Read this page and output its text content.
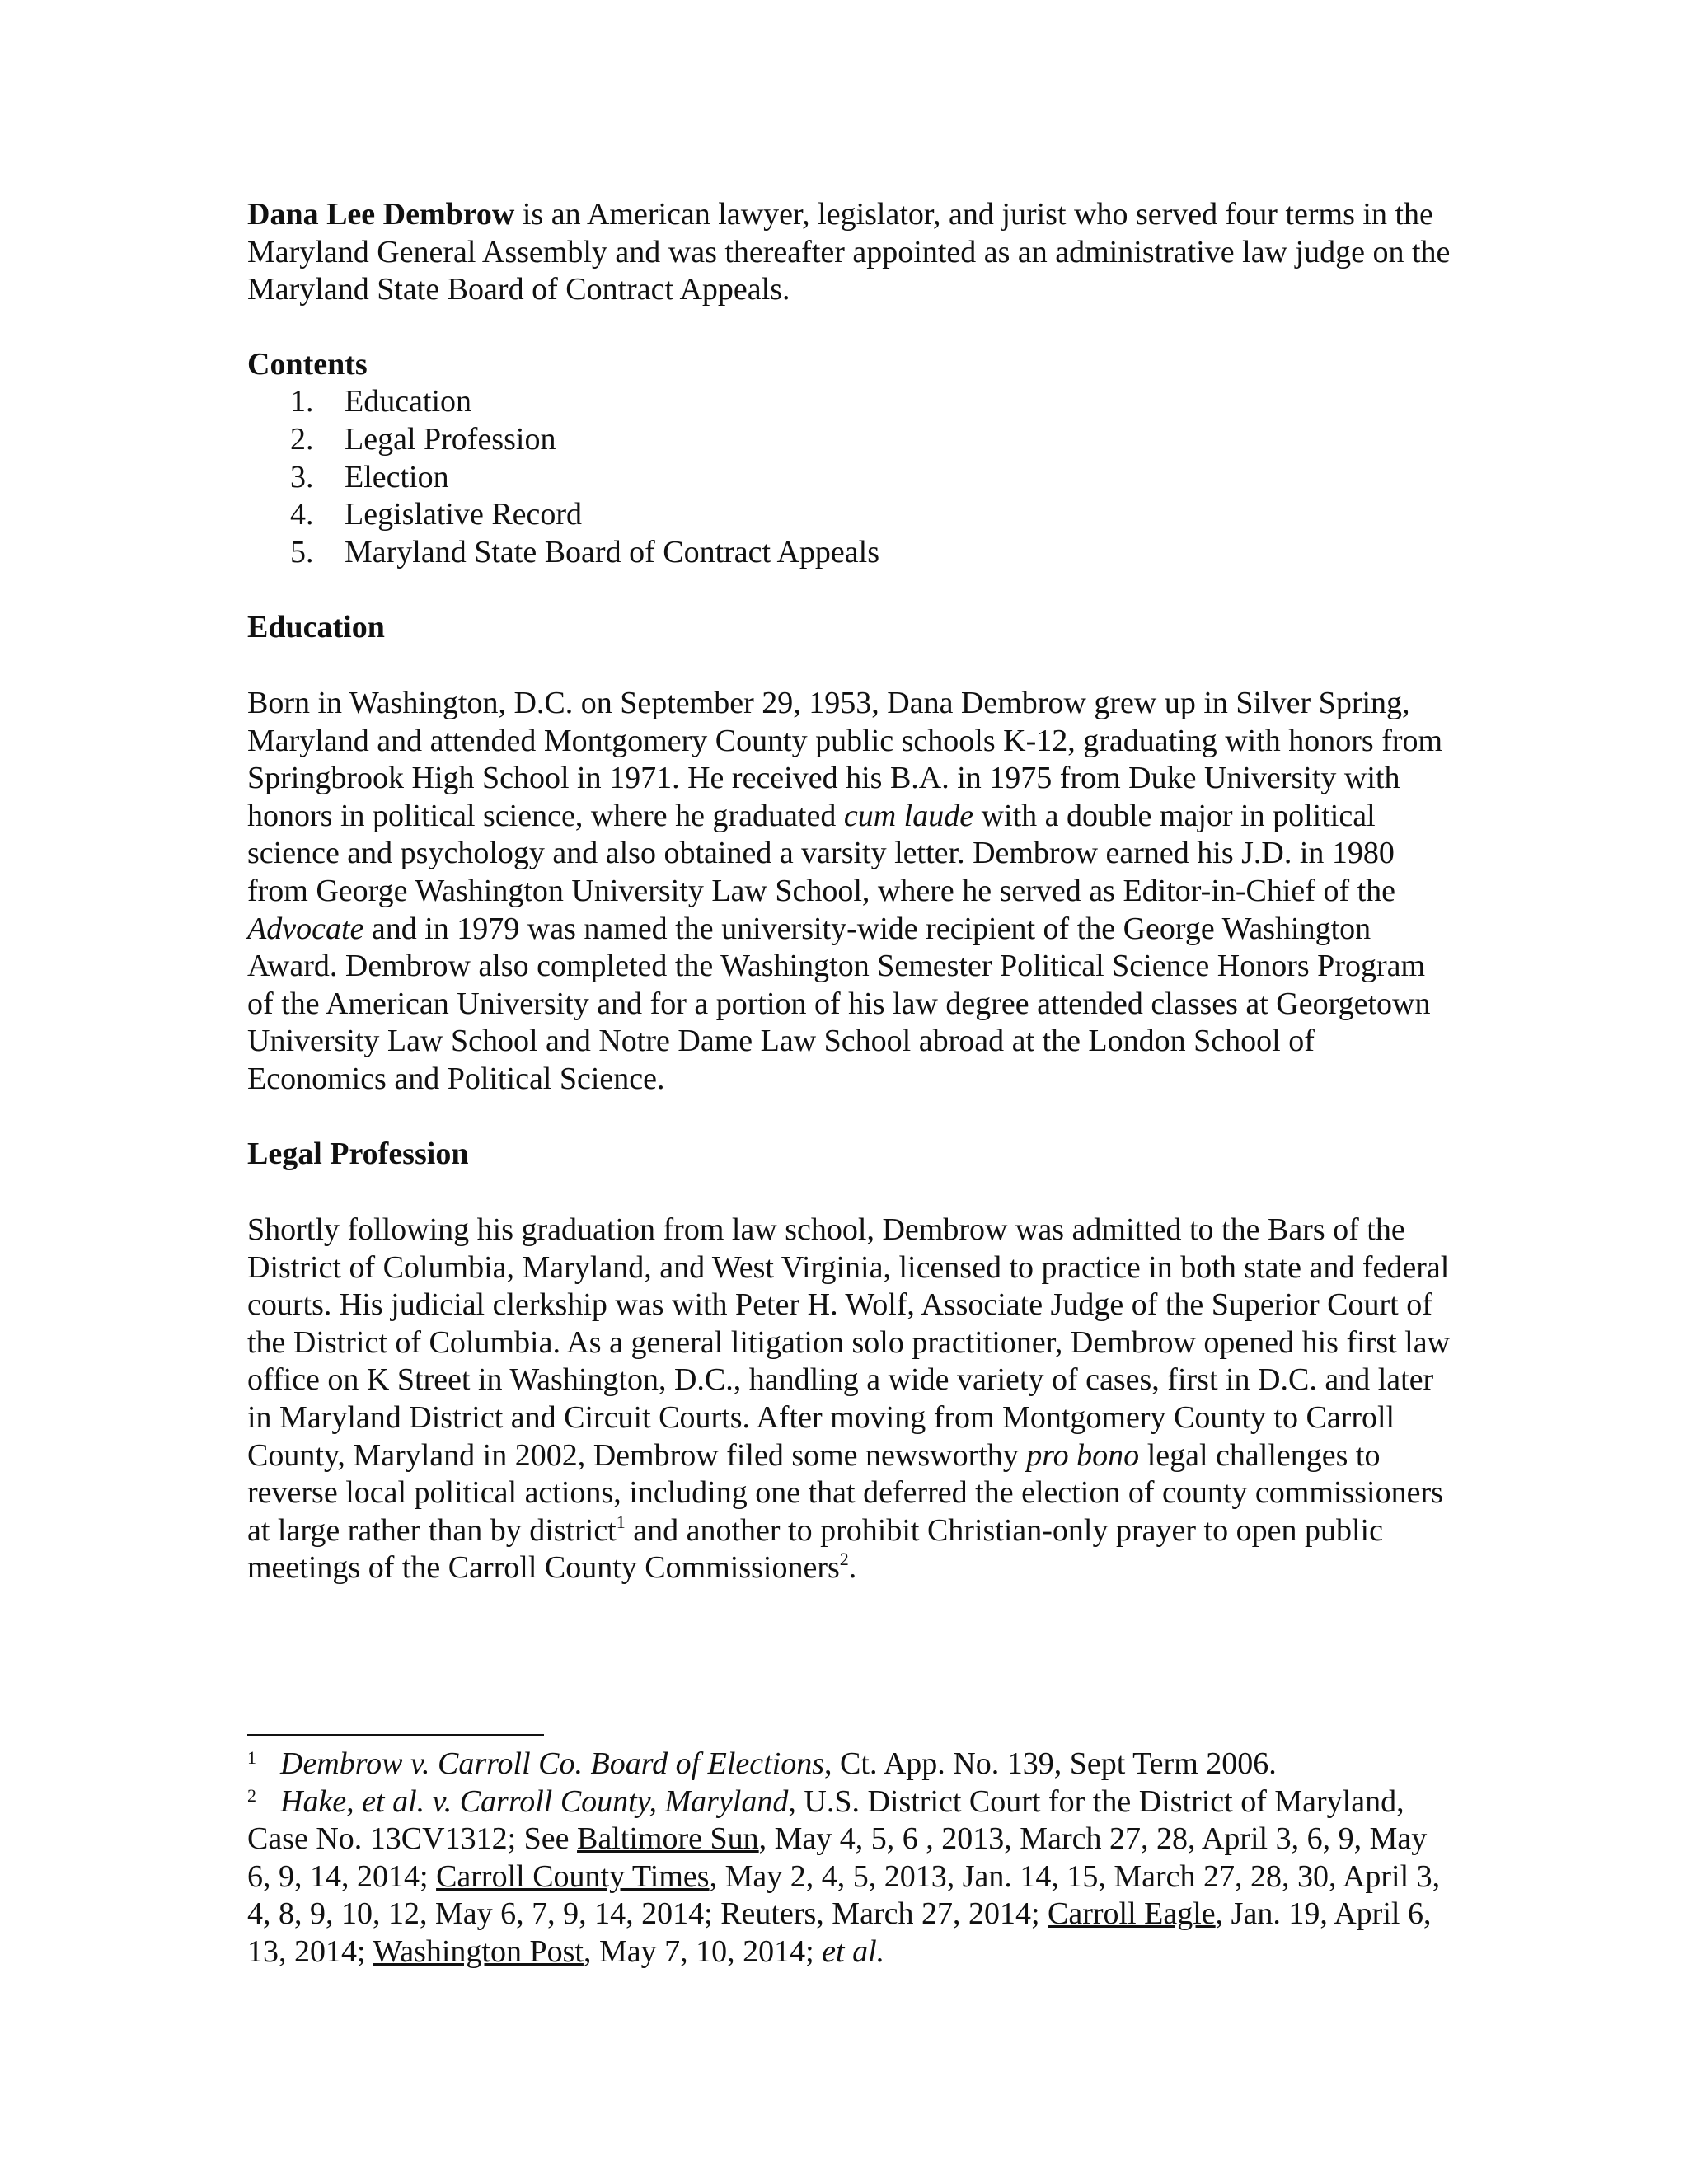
Dana Lee Dembrow is an American lawyer, legislator, and jurist who served four terms in the Maryland General Assembly and was thereafter appointed as an administrative law judge on the Maryland State Board of Contract Appeals.

Contents
1. Education
2. Legal Profession
3. Election
4. Legislative Record
5. Maryland State Board of Contract Appeals
Education

Born in Washington, D.C. on September 29, 1953, Dana Dembrow grew up in Silver Spring, Maryland and attended Montgomery County public schools K-12, graduating with honors from Springbrook High School in 1971. He received his B.A. in 1975 from Duke University with honors in political science, where he graduated cum laude with a double major in political science and psychology and also obtained a varsity letter. Dembrow earned his J.D. in 1980 from George Washington University Law School, where he served as Editor-in-Chief of the Advocate and in 1979 was named the university-wide recipient of the George Washington Award. Dembrow also completed the Washington Semester Political Science Honors Program of the American University and for a portion of his law degree attended classes at Georgetown University Law School and Notre Dame Law School abroad at the London School of Economics and Political Science.

Legal Profession

Shortly following his graduation from law school, Dembrow was admitted to the Bars of the District of Columbia, Maryland, and West Virginia, licensed to practice in both state and federal courts. His judicial clerkship was with Peter H. Wolf, Associate Judge of the Superior Court of the District of Columbia. As a general litigation solo practitioner, Dembrow opened his first law office on K Street in Washington, D.C., handling a wide variety of cases, first in D.C. and later in Maryland District and Circuit Courts. After moving from Montgomery County to Carroll County, Maryland in 2002, Dembrow filed some newsworthy pro bono legal challenges to reverse local political actions, including one that deferred the election of county commissioners at large rather than by district$^1$ and another to prohibit Christian-only prayer to open public meetings of the Carroll County Commissioners$^2$.

1 Dembrow v. Carroll Co. Board of Elections, Ct. App. No. 139, Sept Term 2006.

2 Hake, et al. v. Carroll County, Maryland, U.S. District Court for the District of Maryland, Case No. 13CV1312; See Baltimore Sun, May 4, 5, 6 , 2013, March 27, 28, April 3, 6, 9, May 6, 9, 14, 2014; Carroll County Times, May 2, 4, 5, 2013, Jan. 14, 15, March 27, 28, 30, April 3, 4, 8, 9, 10, 12, May 6, 7, 9, 14, 2014; Reuters, March 27, 2014; Carroll Eagle, Jan. 19, April 6, 13, 2014; Washington Post, May 7, 10, 2014; et al.
